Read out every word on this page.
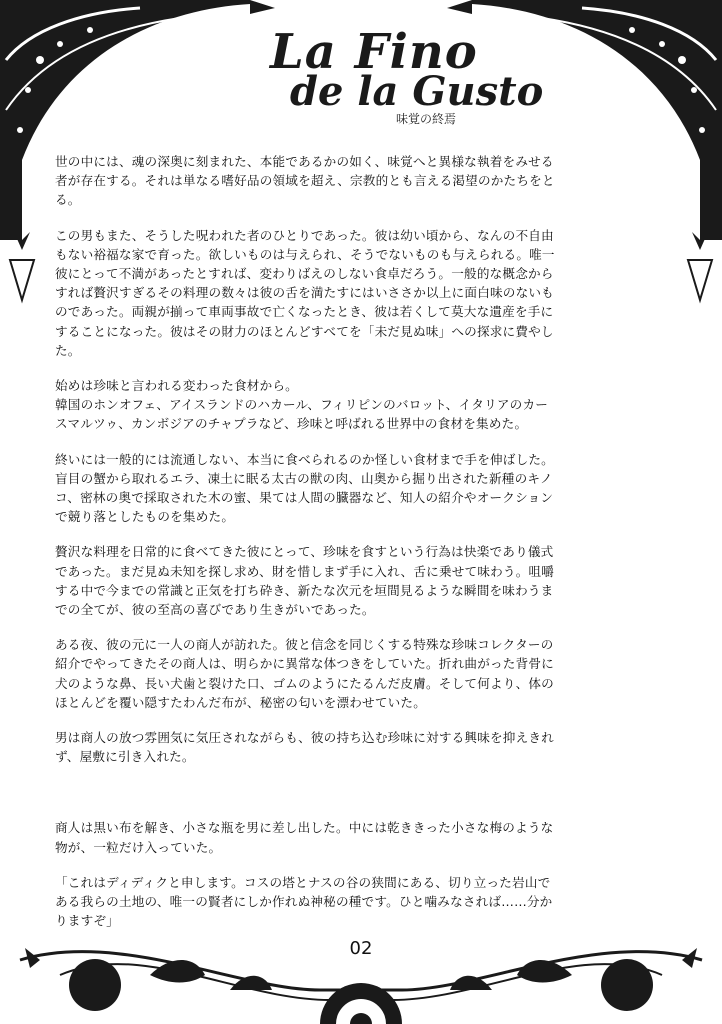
La Fino
de la Gusto
味覚の終焉

世の中には、魂の深奥に刻まれた、本能であるかの如く、味覚へと異様な執着をみせる
者が存在する。それは単なる嗜好品の領域を超え、宗教的とも言える渇望のかたちをと
る。

この男もまた、そうした呪われた者のひとりであった。彼は幼い頃から、なんの不自由
もない裕福な家で育った。欲しいものは与えられ、そうでないものも与えられる。唯一
彼にとって不満があったとすれば、変わりばえのしない食卓だろう。一般的な概念から
すれば贅沢すぎるその料理の数々は彼の舌を満たすにはいささか以上に面白味のないも
のであった。両親が揃って車両事故で亡くなったとき、彼は若くして莫大な遺産を手に
することになった。彼はその財力のほとんどすべてを「未だ見ぬ味」への探求に費やし
た。

始めは珍味と言われる変わった食材から。
韓国のホンオフェ、アイスランドのハカール、フィリピンのバロット、イタリアのカー
スマルツゥ、カンボジアのチャプラなど、珍味と呼ばれる世界中の食材を集めた。

終いには一般的には流通しない、本当に食べられるのか怪しい食材まで手を伸ばした。
盲目の蟹から取れるエラ、凍土に眠る太古の獣の肉、山奥から掘り出された新種のキノ
コ、密林の奥で採取された木の蜜、果ては人間の臓器など、知人の紹介やオークション
で競り落としたものを集めた。

贅沢な料理を日常的に食べてきた彼にとって、珍味を食すという行為は快楽であり儀式
であった。まだ見ぬ未知を探し求め、財を惜しまず手に入れ、舌に乗せて味わう。咀嚼
する中で今までの常識と正気を打ち砕き、新たな次元を垣間見るような瞬間を味わうま
での全てが、彼の至高の喜びであり生きがいであった。

ある夜、彼の元に一人の商人が訪れた。彼と信念を同じくする特殊な珍味コレクターの
紹介でやってきたその商人は、明らかに異常な体つきをしていた。折れ曲がった背骨に
犬のような鼻、長い犬歯と裂けた口、ゴムのようにたるんだ皮膚。そして何より、体の
ほとんどを覆い隠すたわんだ布が、秘密の匂いを漂わせていた。

男は商人の放つ雰囲気に気圧されながらも、彼の持ち込む珍味に対する興味を抑えきれ
ず、屋敷に引き入れた。

商人は黒い布を解き、小さな瓶を男に差し出した。中には乾ききった小さな梅のような
物が、一粒だけ入っていた。

「これはディディクと申します。コスの塔とナスの谷の狭間にある、切り立った岩山で
ある我らの土地の、唯一の賢者にしか作れぬ神秘の種です。ひと噛みなされば……分か
りますぞ」

02
